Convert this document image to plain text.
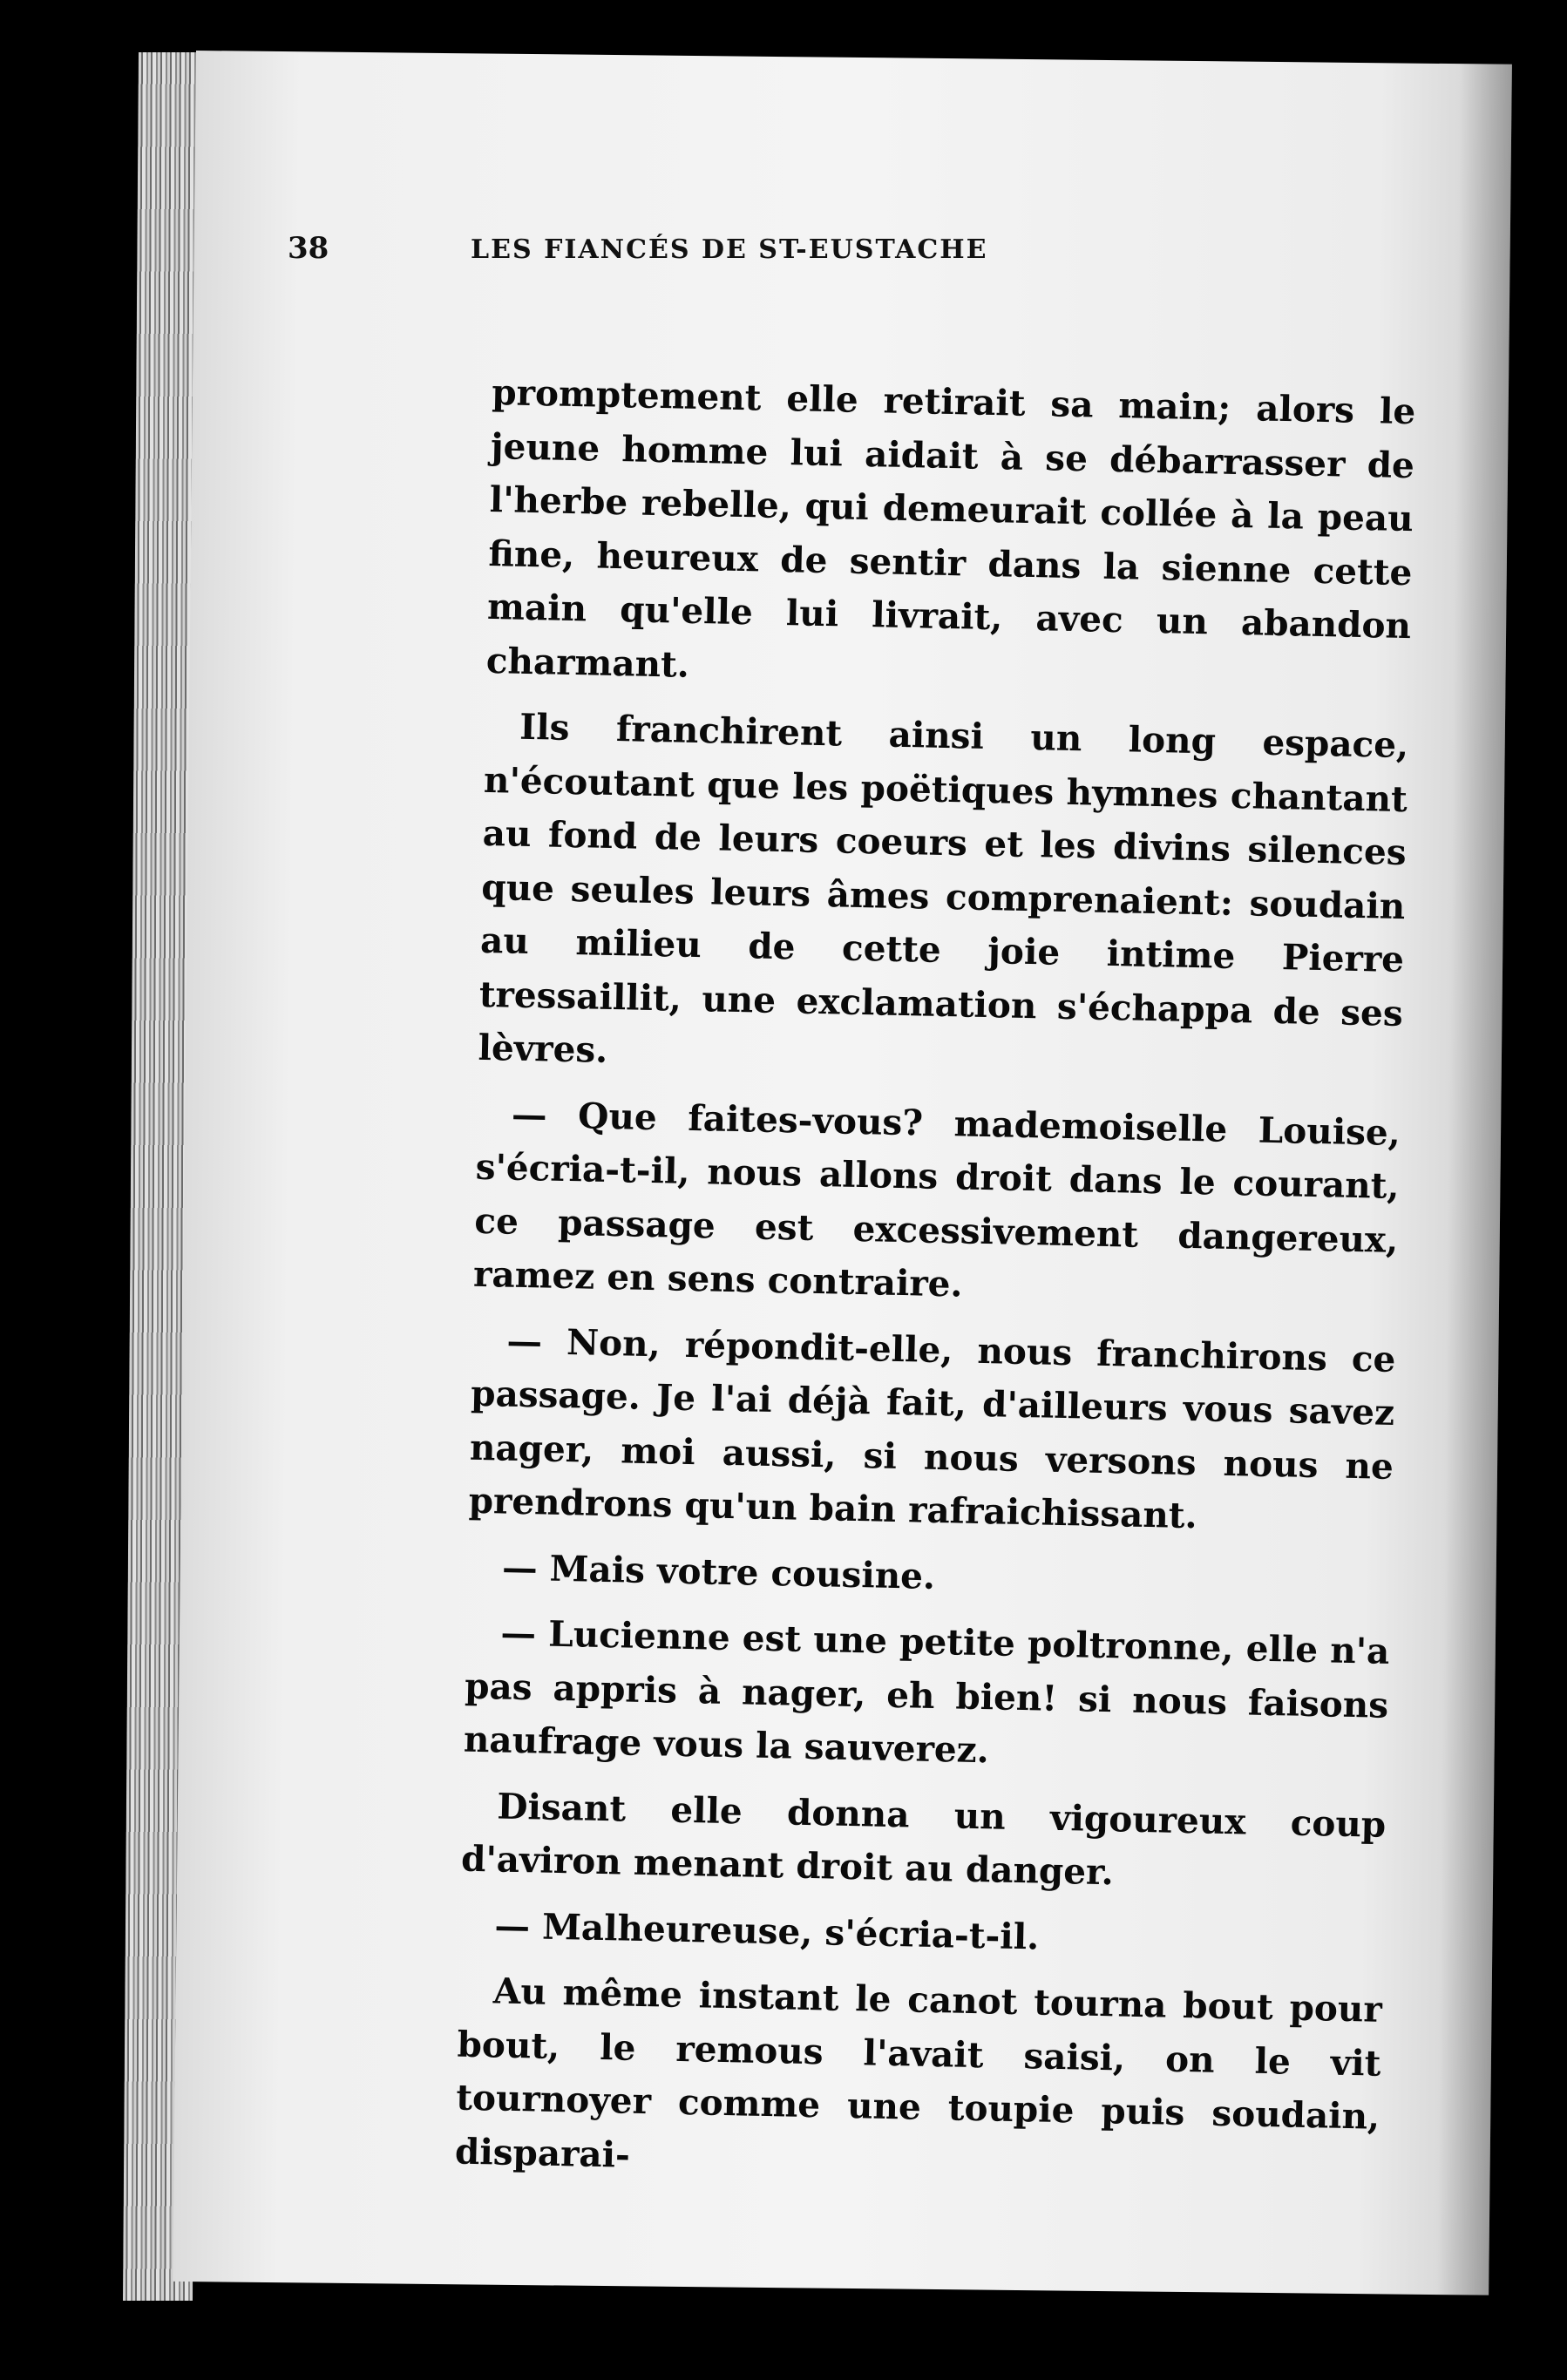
38	LES FIANCÉS DE ST-EUSTACHE

promptement elle retirait sa main; alors le jeune homme lui aidait à se débarrasser de l'herbe rebelle, qui demeurait collée à la peau fine, heureux de sentir dans la sienne cette main qu'elle lui livrait, avec un abandon charmant.

Ils franchirent ainsi un long espace, n'écoutant que les poëtiques hymnes chantant au fond de leurs coeurs et les divins silences que seules leurs âmes comprenaient: soudain au milieu de cette joie intime Pierre tressaillit, une exclamation s'échappa de ses lèvres.

— Que faites-vous? mademoiselle Louise, s'écria-t-il, nous allons droit dans le courant, ce passage est excessivement dangereux, ramez en sens contraire.

— Non, répondit-elle, nous franchirons ce passage. Je l'ai déjà fait, d'ailleurs vous savez nager, moi aussi, si nous versons nous ne prendrons qu'un bain rafraichissant.

— Mais votre cousine.

— Lucienne est une petite poltronne, elle n'a pas appris à nager, eh bien! si nous faisons naufrage vous la sauverez.

Disant elle donna un vigoureux coup d'aviron menant droit au danger.

— Malheureuse, s'écria-t-il.

Au même instant le canot tourna bout pour bout, le remous l'avait saisi, on le vit tournoyer comme une toupie puis soudain, disparai-
